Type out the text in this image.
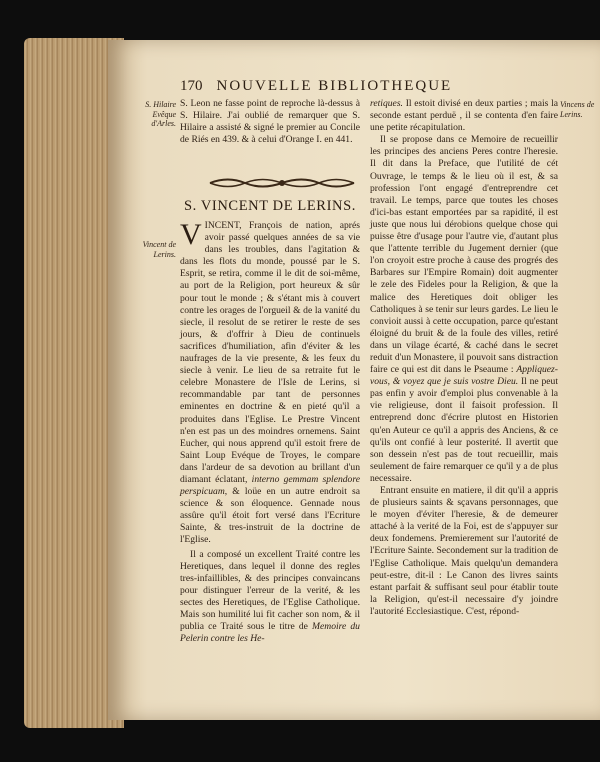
170 NOUVELLE BIBLIOTHEQUE
S. Hilaire Evêque d'Arles.
Vincent de Lerins.
Vincens de Lerins.

S. Leon ne fasse point de reproche là-dessus à S. Hilaire. J'ai oublié de remarquer que S. Hilaire a assisté & signé le premier au Concile de Riés en 439. & à celui d'Orange I. en 441.

S. VINCENT DE LERINS.

VINCENT, François de nation, aprés avoir passé quelques années de sa vie dans les troubles, dans l'agitation & dans les flots du monde, poussé par le S. Esprit, se retira, comme il le dit de soi-même, au port de la Religion, port heureux & sûr pour tout le monde ; & s'étant mis à couvert contre les orages de l'orgueil & de la vanité du siecle, il resolut de se retirer le reste de ses jours, & d'offrir à Dieu de continuels sacrifices d'humiliation, afin d'éviter & les naufrages de la vie presente, & les feux du siecle à venir. Le lieu de sa retraite fut le celebre Monastere de l'Isle de Lerins, si recommandable par tant de personnes eminentes en doctrine & en pieté qu'il a produites dans l'Eglise. Le Prestre Vincent n'en est pas un des moindres ornemens. Saint Eucher, qui nous apprend qu'il estoit frere de Saint Loup Evéque de Troyes, le compare dans l'ardeur de sa devotion au brillant d'un diamant éclatant, interno gemmam splendore perspicuam, & loüe en un autre endroit sa science & son éloquence. Gennade nous assûre qu'il étoit fort versé dans l'Ecriture Sainte, & tres-instruit de la doctrine de l'Eglise.

Il a composé un excellent Traité contre les Heretiques, dans lequel il donne des regles tres-infaillibles, & des principes convaincans pour distinguer l'erreur de la verité, & les sectes des Heretiques, de l'Eglise Catholique. Mais son humilité lui fit cacher son nom, & il publia ce Traité sous le titre de Memoire du Pelerin contre les He-

retiques. Il estoit divisé en deux parties ; mais la seconde estant perduë , il se contenta d'en faire une petite récapitulation.

Il se propose dans ce Memoire de recueillir les principes des anciens Peres contre l'heresie. Il dit dans la Preface, que l'utilité de cét Ouvrage, le temps & le lieu où il est, & sa profession l'ont engagé d'entreprendre cet travail. Le temps, parce que toutes les choses d'ici-bas estant emportées par sa rapidité, il est juste que nous lui dérobions quelque chose qui puisse être d'usage pour l'autre vie, d'autant plus que l'attente terrible du Jugement dernier (que l'on croyoit estre proche à cause des progrés des Barbares sur l'Empire Romain) doit augmenter le zele des Fideles pour la Religion, & que la malice des Heretiques doit obliger les Catholiques à se tenir sur leurs gardes. Le lieu le convioit aussi à cette occupation, parce qu'estant éloigné du bruit & de la foule des villes, retiré dans un vilage écarté, & caché dans le secret reduit d'un Monastere, il pouvoit sans distraction faire ce qui est dit dans le Pseaume : Appliquez-vous, & voyez que je suis vostre Dieu. Il ne peut pas enfin y avoir d'emploi plus convenable à la vie religieuse, dont il faisoit profession. Il entreprend donc d'écrire plutost en Historien qu'en Auteur ce qu'il a appris des Anciens, & ce qu'ils ont confié à leur posterité. Il avertit que son dessein n'est pas de tout recueillir, mais seulement de faire remarquer ce qu'il y a de plus necessaire.

Entrant ensuite en matiere, il dit qu'il a appris de plusieurs saints & sçavans personnages, que le moyen d'éviter l'heresie, & de demeurer attaché à la verité de la Foi, est de s'appuyer sur deux fondemens. Premierement sur l'autorité de l'Ecriture Sainte. Secondement sur la tradition de l'Eglise Catholique. Mais quelqu'un demandera peut-estre, dit-il : Le Canon des livres saints estant parfait & suffisant seul pour établir toute la Religion, qu'est-il necessaire d'y joindre l'autorité Ecclesiastique. C'est, répond-
